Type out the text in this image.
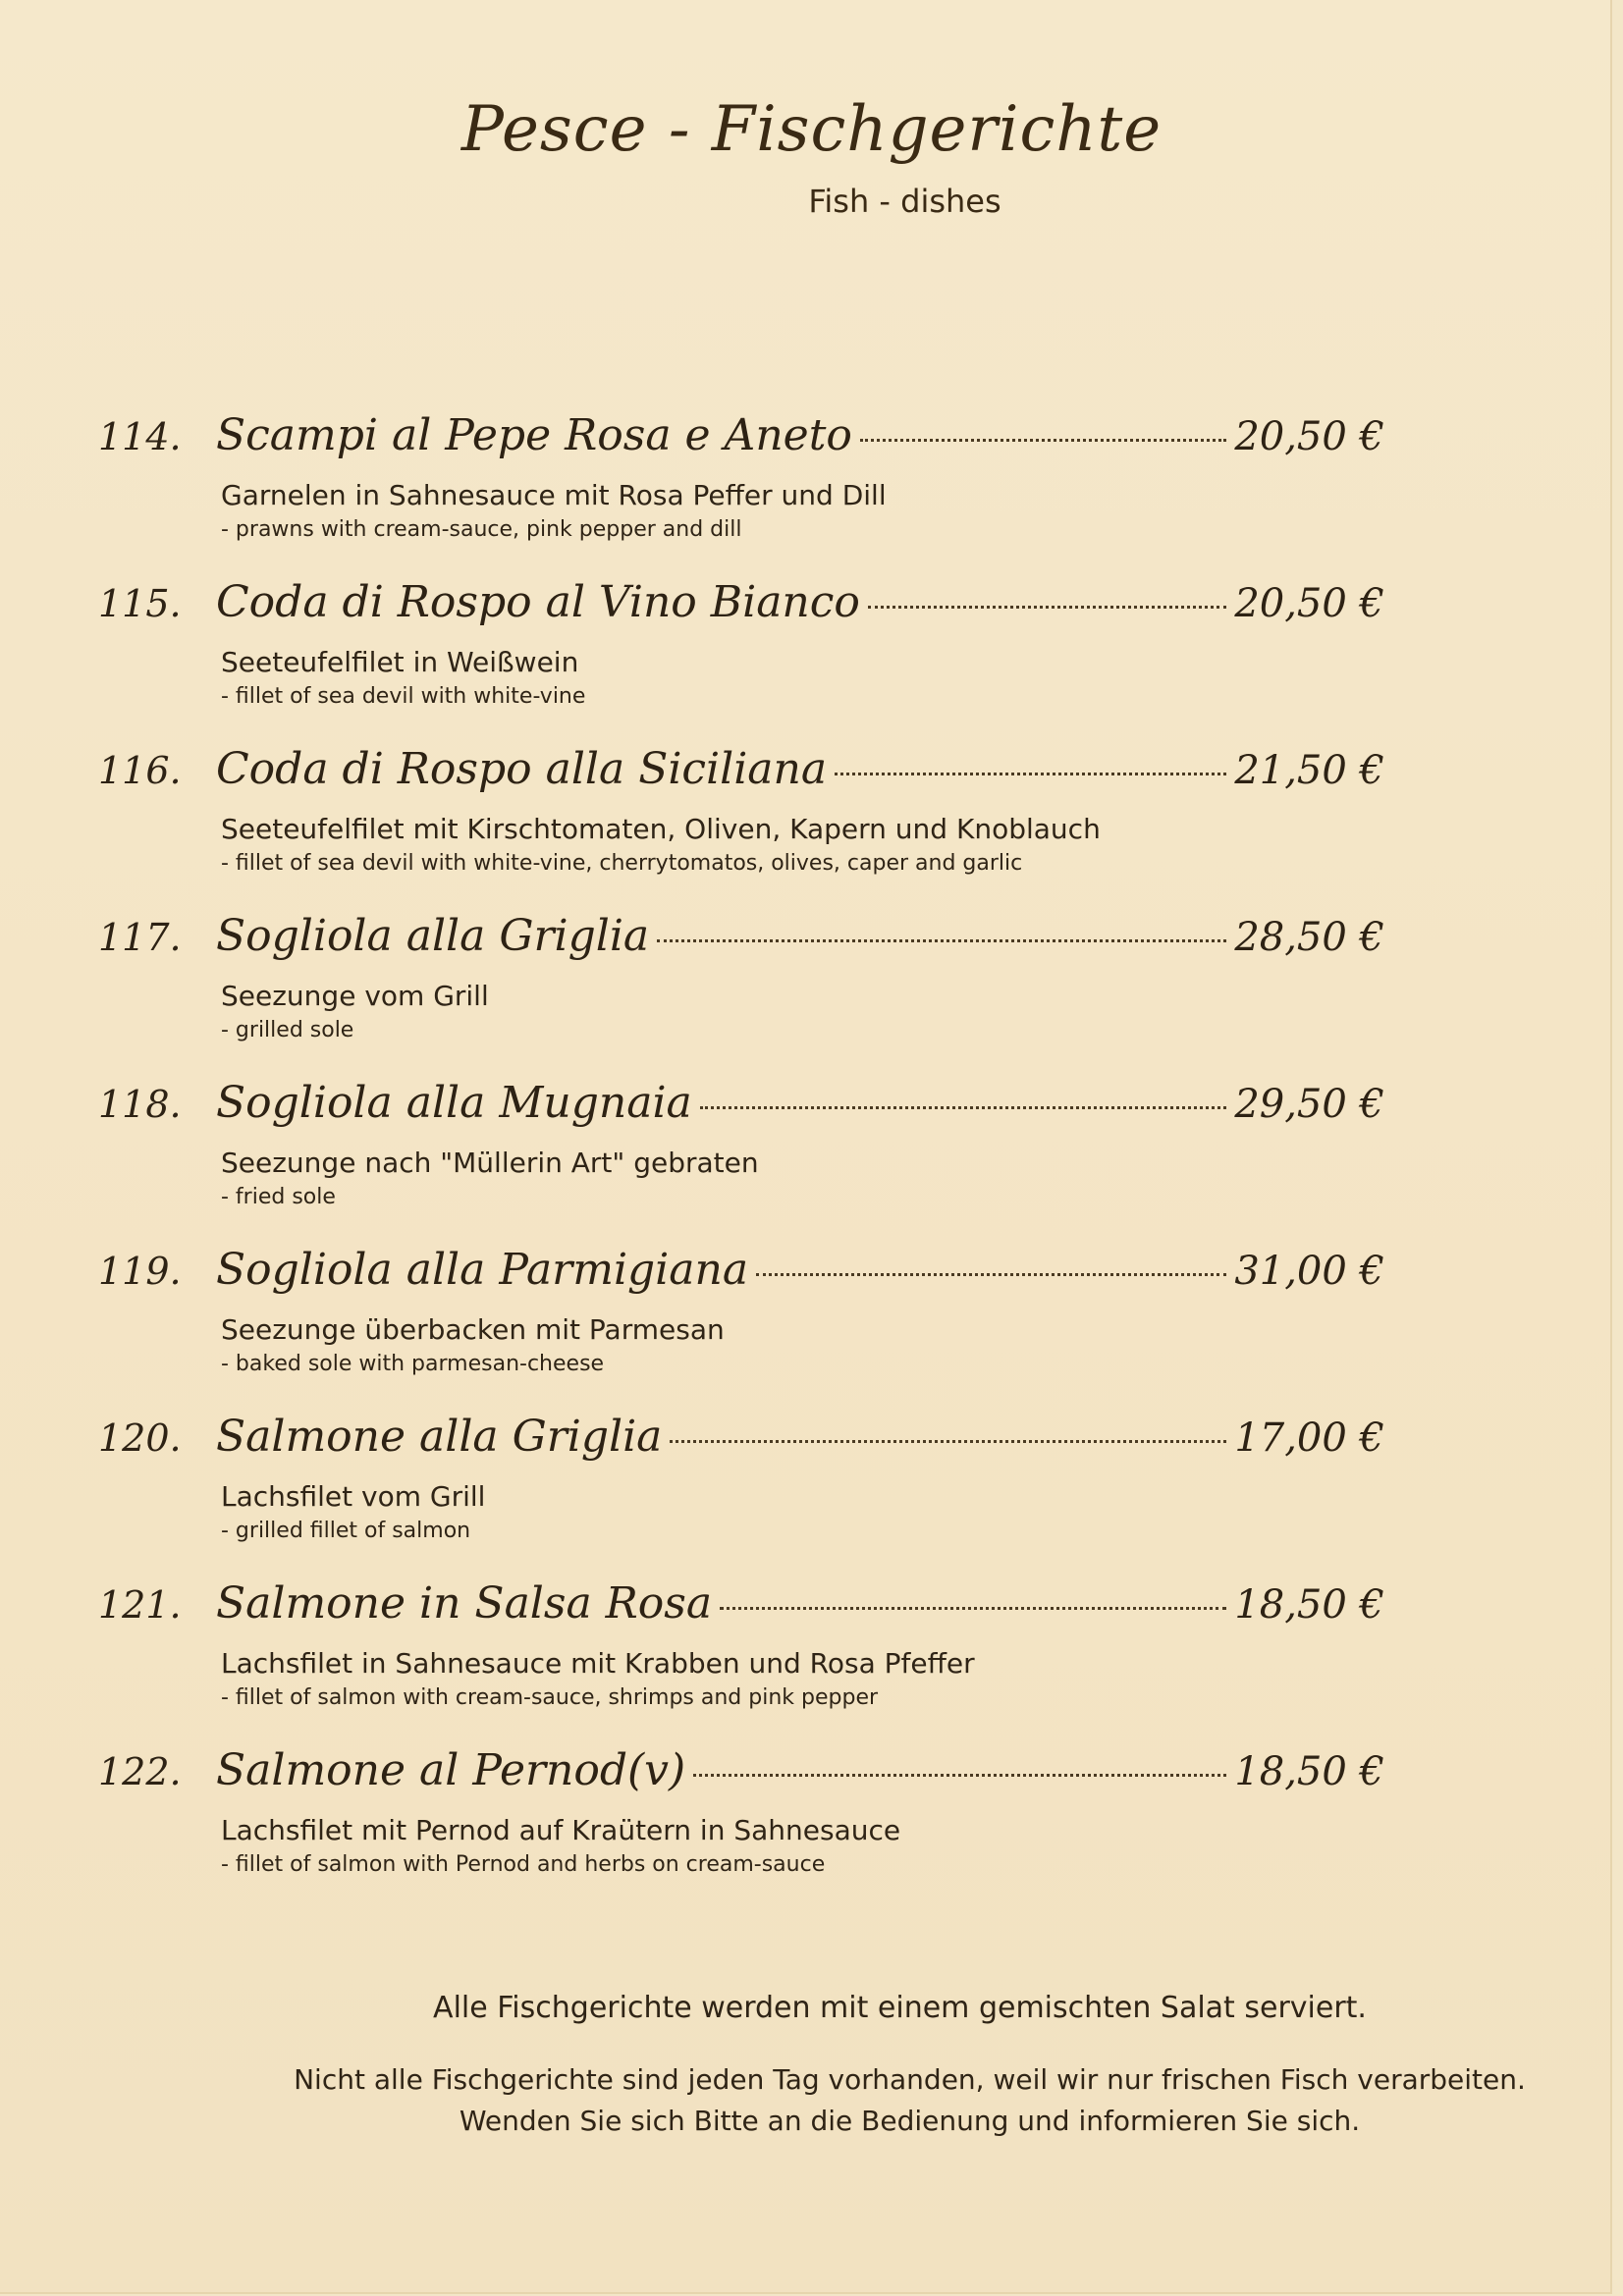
Pesce - Fischgerichte
Fish - dishes
114. Scampi al Pepe Rosa e Aneto	20,50 €
Garnelen in Sahnesauce mit Rosa Peffer und Dill
- prawns with cream-sauce, pink pepper and dill
115. Coda di Rospo al Vino Bianco	20,50 €
Seeteufelfilet in Weißwein
- fillet of sea devil with white-vine
116. Coda di Rospo alla Siciliana	21,50 €
Seeteufelfilet mit Kirschtomaten, Oliven, Kapern und Knoblauch
- fillet of sea devil with white-vine, cherrytomatos, olives, caper and garlic
117. Sogliola alla Griglia	28,50 €
Seezunge vom Grill
- grilled sole
118. Sogliola alla Mugnaia	29,50 €
Seezunge nach "Müllerin Art" gebraten
- fried sole
119. Sogliola alla Parmigiana	31,00 €
Seezunge überbacken mit Parmesan
- baked sole with parmesan-cheese
120. Salmone alla Griglia	17,00 €
Lachsfilet vom Grill
- grilled fillet of salmon
121. Salmone in Salsa Rosa	18,50 €
Lachsfilet in Sahnesauce mit Krabben und Rosa Pfeffer
- fillet of salmon with cream-sauce, shrimps and pink pepper
122. Salmone al Pernod(v)	18,50 €
Lachsfilet mit Pernod auf Kraütern in Sahnesauce
- fillet of salmon with Pernod and herbs on cream-sauce
Alle Fischgerichte werden mit einem gemischten Salat serviert.
Nicht alle Fischgerichte sind jeden Tag vorhanden, weil wir nur frischen Fisch verarbeiten.
Wenden Sie sich Bitte an die Bedienung und informieren Sie sich.
